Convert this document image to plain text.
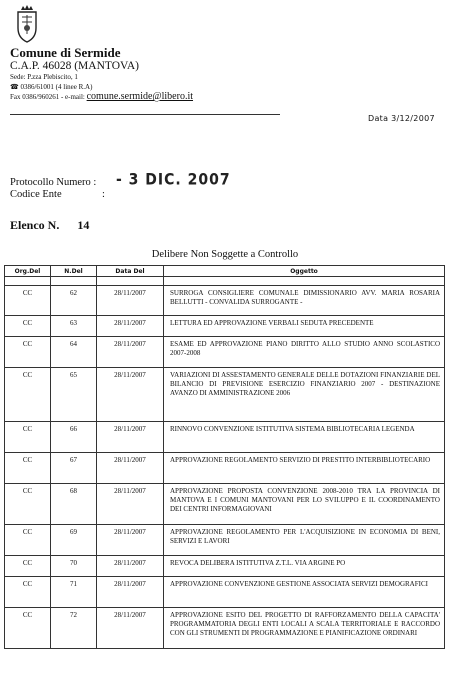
Comune di Sermide
C.A.P. 46028 (MANTOVA)
Sede: P.zza Plebiscito, 1
☎ 0386/61001 (4 linee R.A)
Fax 0386/960261 - e-mail: comune.sermide@libero.it
Data 3/12/2007
Protocollo Numero :
Codice Ente	:
- 3 DIC. 2007
Elenco N. 14
Delibere Non Soggette a Controllo
Org.Del	N.Del	Data Del	Oggetto

CC	62	28/11/2007	SURROGA CONSIGLIERE COMUNALE DIMISSIONARIO AVV. MARIA ROSARIA BELLUTTI - CONVALIDA SURROGANTE -
CC	63	28/11/2007	LETTURA ED APPROVAZIONE VERBALI SEDUTA PRECEDENTE
CC	64	28/11/2007	ESAME ED APPROVAZIONE PIANO DIRITTO ALLO STUDIO ANNO SCOLASTICO 2007-2008
CC	65	28/11/2007	VARIAZIONI DI ASSESTAMENTO GENERALE DELLE DOTAZIONI FINANZIARIE DEL BILANCIO DI PREVISIONE ESERCIZIO FINANZIARIO 2007 - DESTINAZIONE AVANZO DI AMMINISTRAZIONE 2006
CC	66	28/11/2007	RINNOVO CONVENZIONE ISTITUTIVA SISTEMA BIBLIOTECARIA LEGENDA
CC	67	28/11/2007	APPROVAZIONE REGOLAMENTO SERVIZIO DI PRESTITO INTERBIBLIOTECARIO
CC	68	28/11/2007	APPROVAZIONE PROPOSTA CONVENZIONE 2008-2010 TRA LA PROVINCIA DI MANTOVA E I COMUNI MANTOVANI PER LO SVILUPPO E IL COORDINAMENTO DEI CENTRI INFORMAGIOVANI
CC	69	28/11/2007	APPROVAZIONE REGOLAMENTO PER L'ACQUISIZIONE IN ECONOMIA DI BENI, SERVIZI E LAVORI
CC	70	28/11/2007	REVOCA DELIBERA ISTITUTIVA Z.T.L. VIA ARGINE PO
CC	71	28/11/2007	APPROVAZIONE CONVENZIONE GESTIONE ASSOCIATA SERVIZI DEMOGRAFICI
CC	72	28/11/2007	APPROVAZIONE ESITO DEL PROGETTO DI RAFFORZAMENTO DELLA CAPACITA' PROGRAMMATORIA DEGLI ENTI LOCALI A SCALA TERRITORIALE E RACCORDO CON GLI STRUMENTI DI PROGRAMMAZIONE E PIANIFICAZIONE ORDINARI
